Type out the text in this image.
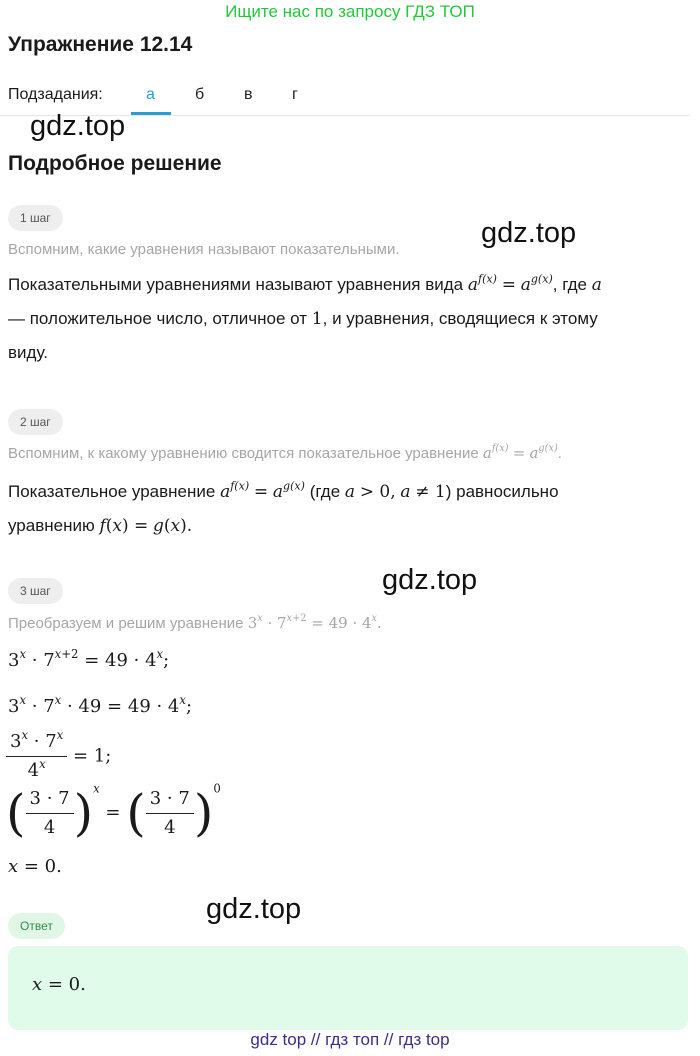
Ищите нас по запросу ГДЗ ТОП
Упражнение 12.14
Подзадания:	а	б в г
gdz.top
Подробное решение
1 шаг	gdz.top
Вспомним, какие уравнения называют показательными.
Показательными уравнениями называют уравнения вида $a^{f(x)} = a^{g(x)}$, где a
— положительное число, отличное от 1, и уравнения, сводящиеся к этому
виду.
2 шаг
Вспомним, к какому уравнению сводится показательное уравнение $a^{f(x)} = a^{g(x)}$.
Показательное уравнение $a^{f(x)} = a^{g(x)}$ (где a > 0, a ≠ 1) равносильно
уравнению f(x) = g(x).
gdz.top
3 шаг
Преобразуем и решим уравнение $3^x \cdot 7^{x+2} = 49 \cdot 4^x$.
$3^x \cdot 7^{x+2} = 49 \cdot 4^x$;
$3^x \cdot 7^x \cdot 49 = 49 \cdot 4^x$;
$\frac{3^x \cdot 7^x}{4^x} = 1$;
( $\frac{3 \cdot 7}{4} )^x$ = ( $\frac{3 \cdot 7}{4} )^0$
x = 0.
gdz.top
Ответ
x = 0.
gdz top // гдз топ // гдз top
